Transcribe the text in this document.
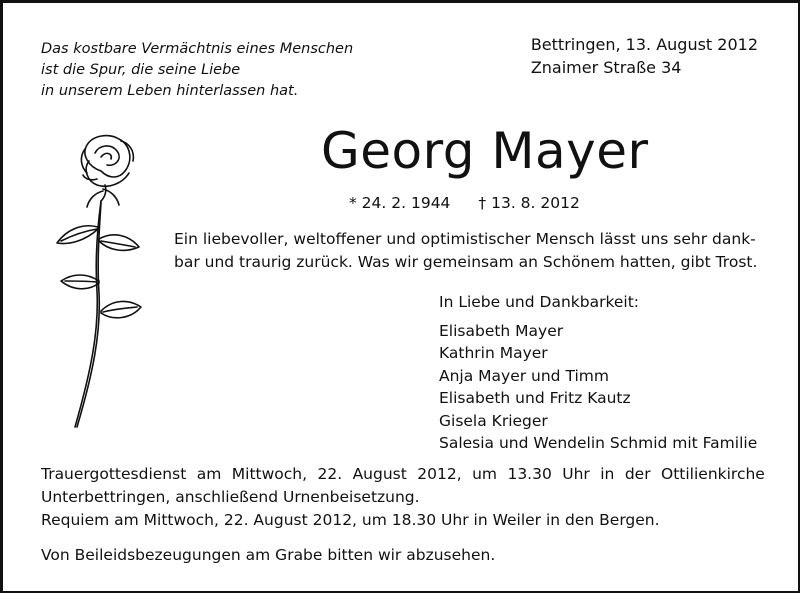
Das kostbare Vermächtnis eines Menschen
ist die Spur, die seine Liebe
in unserem Leben hinterlassen hat.
Bettringen, 13. August 2012
Znaimer Straße 34
Georg Mayer
* 24. 2. 1944 † 13. 8. 2012
Ein liebevoller, weltoffener und optimistischer Mensch lässt uns sehr dank-
bar und traurig zurück. Was wir gemeinsam an Schönem hatten, gibt Trost.
In Liebe und Dankbarkeit:
Elisabeth Mayer
Kathrin Mayer
Anja Mayer und Timm
Elisabeth und Fritz Kautz
Gisela Krieger
Salesia und Wendelin Schmid mit Familie
Trauergottesdienst am Mittwoch, 22. August 2012, um 13.30 Uhr in der Ottilienkirche
Unterbettringen, anschließend Urnenbeisetzung.
Requiem am Mittwoch, 22. August 2012, um 18.30 Uhr in Weiler in den Bergen.
Von Beileidsbezeugungen am Grabe bitten wir abzusehen.
